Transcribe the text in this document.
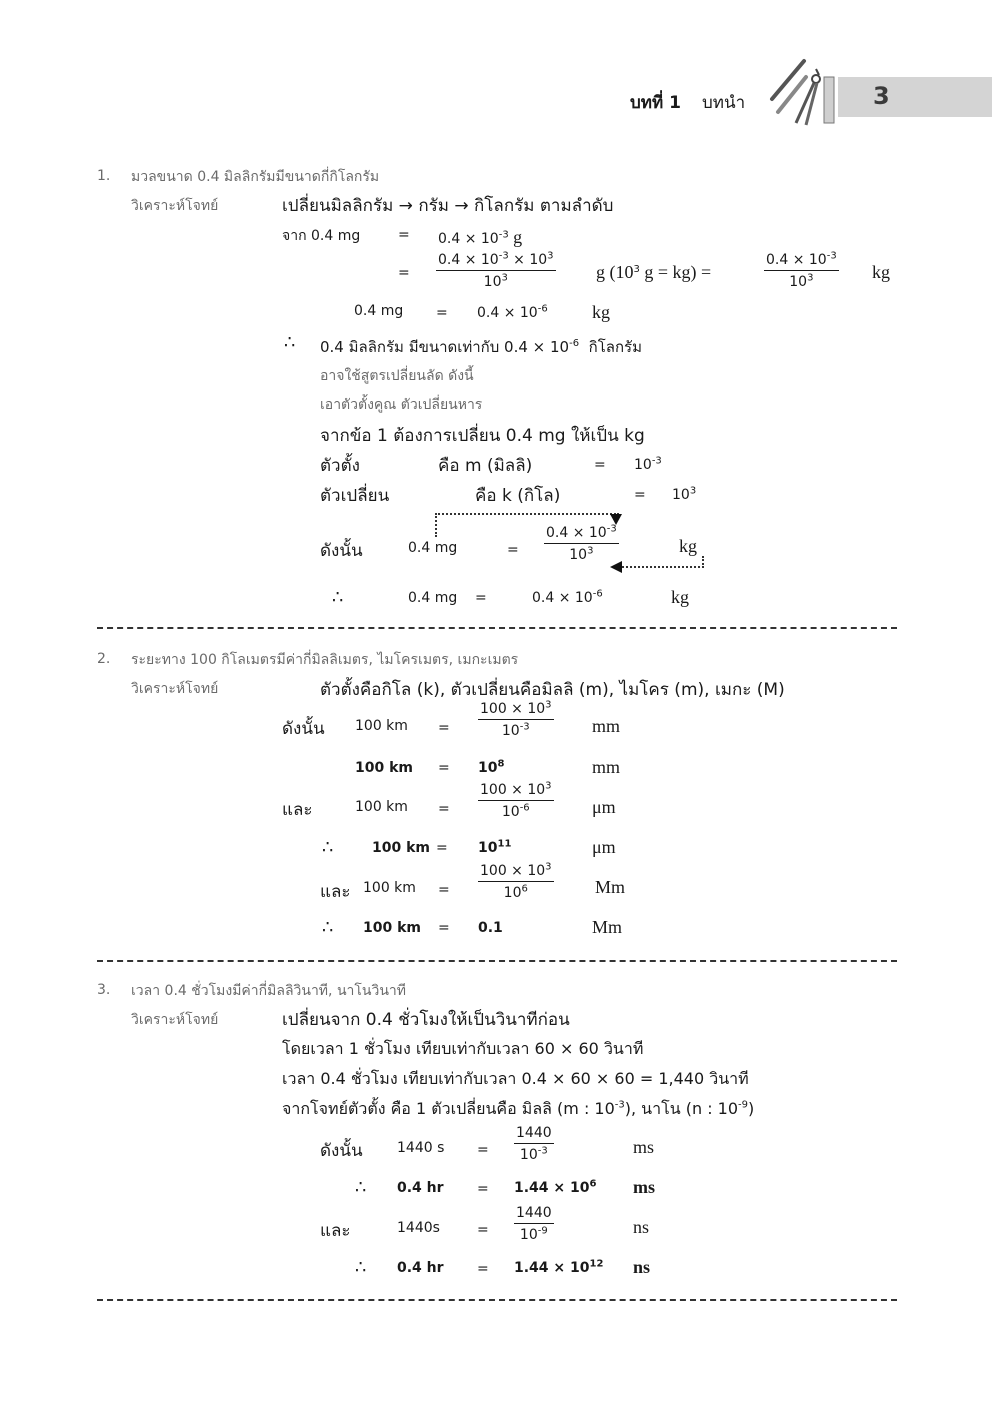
บทที่ 1 บทนำ	3
1. มวลขนาด 0.4 มิลลิกรัมมีขนาดกี่กิโลกรัม
วิเคราะห์โจทย์	เปลี่ยนมิลลิกรัม → กรัม → กิโลกรัม ตามลำดับ
จาก 0.4 mg	= $0.4 \times 10^{-3}$ g
= $\frac{0.4 \times 10^{-3} \times 10^3}{10^3}$ g ($10^3$ g = kg) =	$\frac{0.4 \times 10^{-3}}{10^3}$ kg
0.4 mg = $0.4 \times 10^{-6}$ kg
∴ 0.4 มิลลิกรัม มีขนาดเท่ากับ $0.4 \times 10^{-6}$ กิโลกรัม
อาจใช้สูตรเปลี่ยนลัด ดังนี้
เอาตัวตั้งคูณ ตัวเปลี่ยนหาร
จากข้อ 1 ต้องการเปลี่ยน 0.4 mg ให้เป็น kg
ตัวตั้ง	คือ m (มิลลิ)	= $10^{-3}$
ตัวเปลี่ยน	คือ k (กิโล)	= $10^3$
ดังนั้น	0.4 mg	= $\frac{0.4 \times 10^{-3}}{10^3}$	kg
∴	0.4 mg =	$0.4 \times 10^{-6}$	kg
2. ระยะทาง 100 กิโลเมตรมีค่ากี่มิลลิเมตร, ไมโครเมตร, เมกะเมตร
วิเคราะห์โจทย์	ตัวตั้งคือกิโล (k), ตัวเปลี่ยนคือมิลลิ (m), ไมโคร (m), เมกะ (M)
ดังนั้น 100 km = $\frac{100 \times 10^3}{10^{-3}}$ mm
100 km = $10^8$	mm
และ	100 km = $\frac{100 \times 10^3}{10^{-6}}$ μm
∴	100 km = $10^{11}$	μm
และ 100 km = $\frac{100 \times 10^3}{10^6}$ Mm
∴ 100 km = 0.1	Mm
3. เวลา 0.4 ชั่วโมงมีค่ากี่มิลลิวินาที, นาโนวินาที
วิเคราะห์โจทย์	เปลี่ยนจาก 0.4 ชั่วโมงให้เป็นวินาทีก่อน
โดยเวลา 1 ชั่วโมง เทียบเท่ากับเวลา 60 × 60 วินาที
เวลา 0.4 ชั่วโมง เทียบเท่ากับเวลา 0.4 × 60 × 60 = 1,440 วินาที
จากโจทย์ตัวตั้ง คือ 1 ตัวเปลี่ยนคือ มิลลิ (m : $10^{-3}$), นาโน (n : $10^{-9}$)
ดังนั้น 1440 $s = \frac{1440}{10^{-3}}$	ms
∴ 0.4 hr = $1.44 \times 10^6$ ms
และ	1440s	= $\frac{1440}{10^{-9}}$	ns
∴ 0.4 hr = $1.44 \times 10^{12}$ ns
